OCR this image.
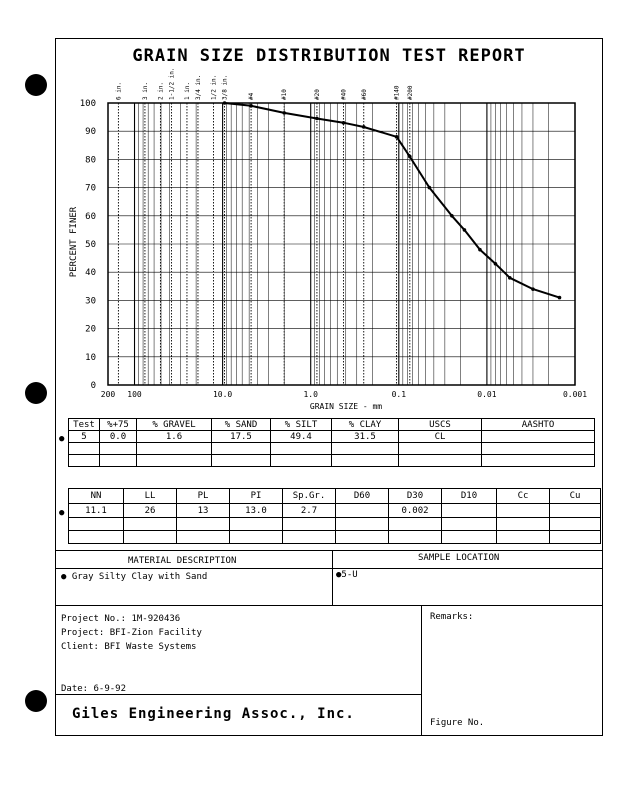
GRAIN SIZE DISTRIBUTION TEST REPORT
PERCENT FINER
GRAIN SIZE - mm
6 in.	3 in. 2 in. 1-1/2 in. 1 in. 3/4 in. 1/2 in. 3/8 in.	#4	#10	#20	#40 #60	#140 #200
0
10
20
30
40
50
60
70
80
90
100
200 100	10.0	1.0	0.1	0.01	0.001
Test	%+75	% GRAVEL	% SAND	% SILT	% CLAY	USCS	AASHTO
5	0.0	1.6	17.5	49.4	31.5	CL	

●
NN	LL	PL	PI	Sp.Gr.	D60	D30	D10	Cc	Cu
11.1	26	13	13.0	2.7		0.002			

●
MATERIAL DESCRIPTION	SAMPLE LOCATION
● Gray Silty Clay with Sand	●5-U
Project No.: 1M-920436
Project: BFI-Zion Facility
Client: BFI Waste Systems
Date: 6-9-92
Giles Engineering Assoc., Inc.
Remarks:
Figure No.
